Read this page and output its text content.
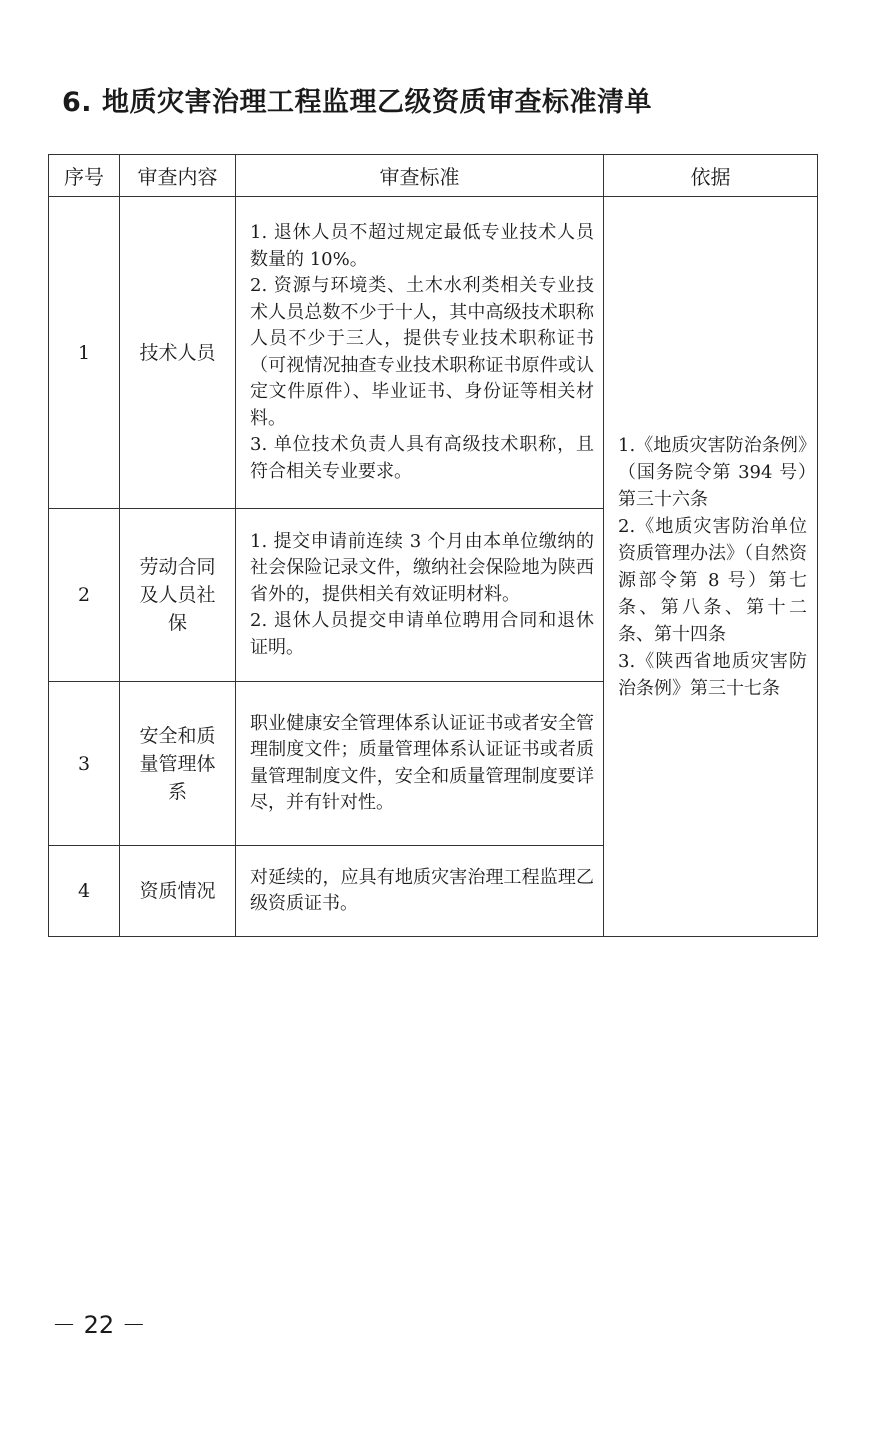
6. 地质灾害治理工程监理乙级资质审查标准清单
序号	审查内容	审查标准	依据
1	技术人员	1. 退休人员不超过规定最低专业技术人员数量的 10%。
2. 资源与环境类、土木水利类相关专业技术人员总数不少于十人，其中高级技术职称人员不少于三人，提供专业技术职称证书（可视情况抽查专业技术职称证书原件或认定文件原件）、毕业证书、身份证等相关材料。
3. 单位技术负责人具有高级技术职称，且符合相关专业要求。	1.《地质灾害防治条例》（国务院令第 394 号）第三十六条
2.《地质灾害防治单位资质管理办法》（自然资源部令第 8 号）第七条、第八条、第十二条、第十四条
3.《陕西省地质灾害防治条例》第三十七条

2	劳动合同及人员社保	1. 提交申请前连续 3 个月由本单位缴纳的社会保险记录文件，缴纳社会保险地为陕西省外的，提供相关有效证明材料。
2. 退休人员提交申请单位聘用合同和退休证明。	

3	安全和质量管理体系	职业健康安全管理体系认证证书或者安全管理制度文件；质量管理体系认证证书或者质量管理制度文件，安全和质量管理制度要详尽，并有针对性。	

4	资质情况	对延续的，应具有地质灾害治理工程监理乙级资质证书。	
－ 22 －
